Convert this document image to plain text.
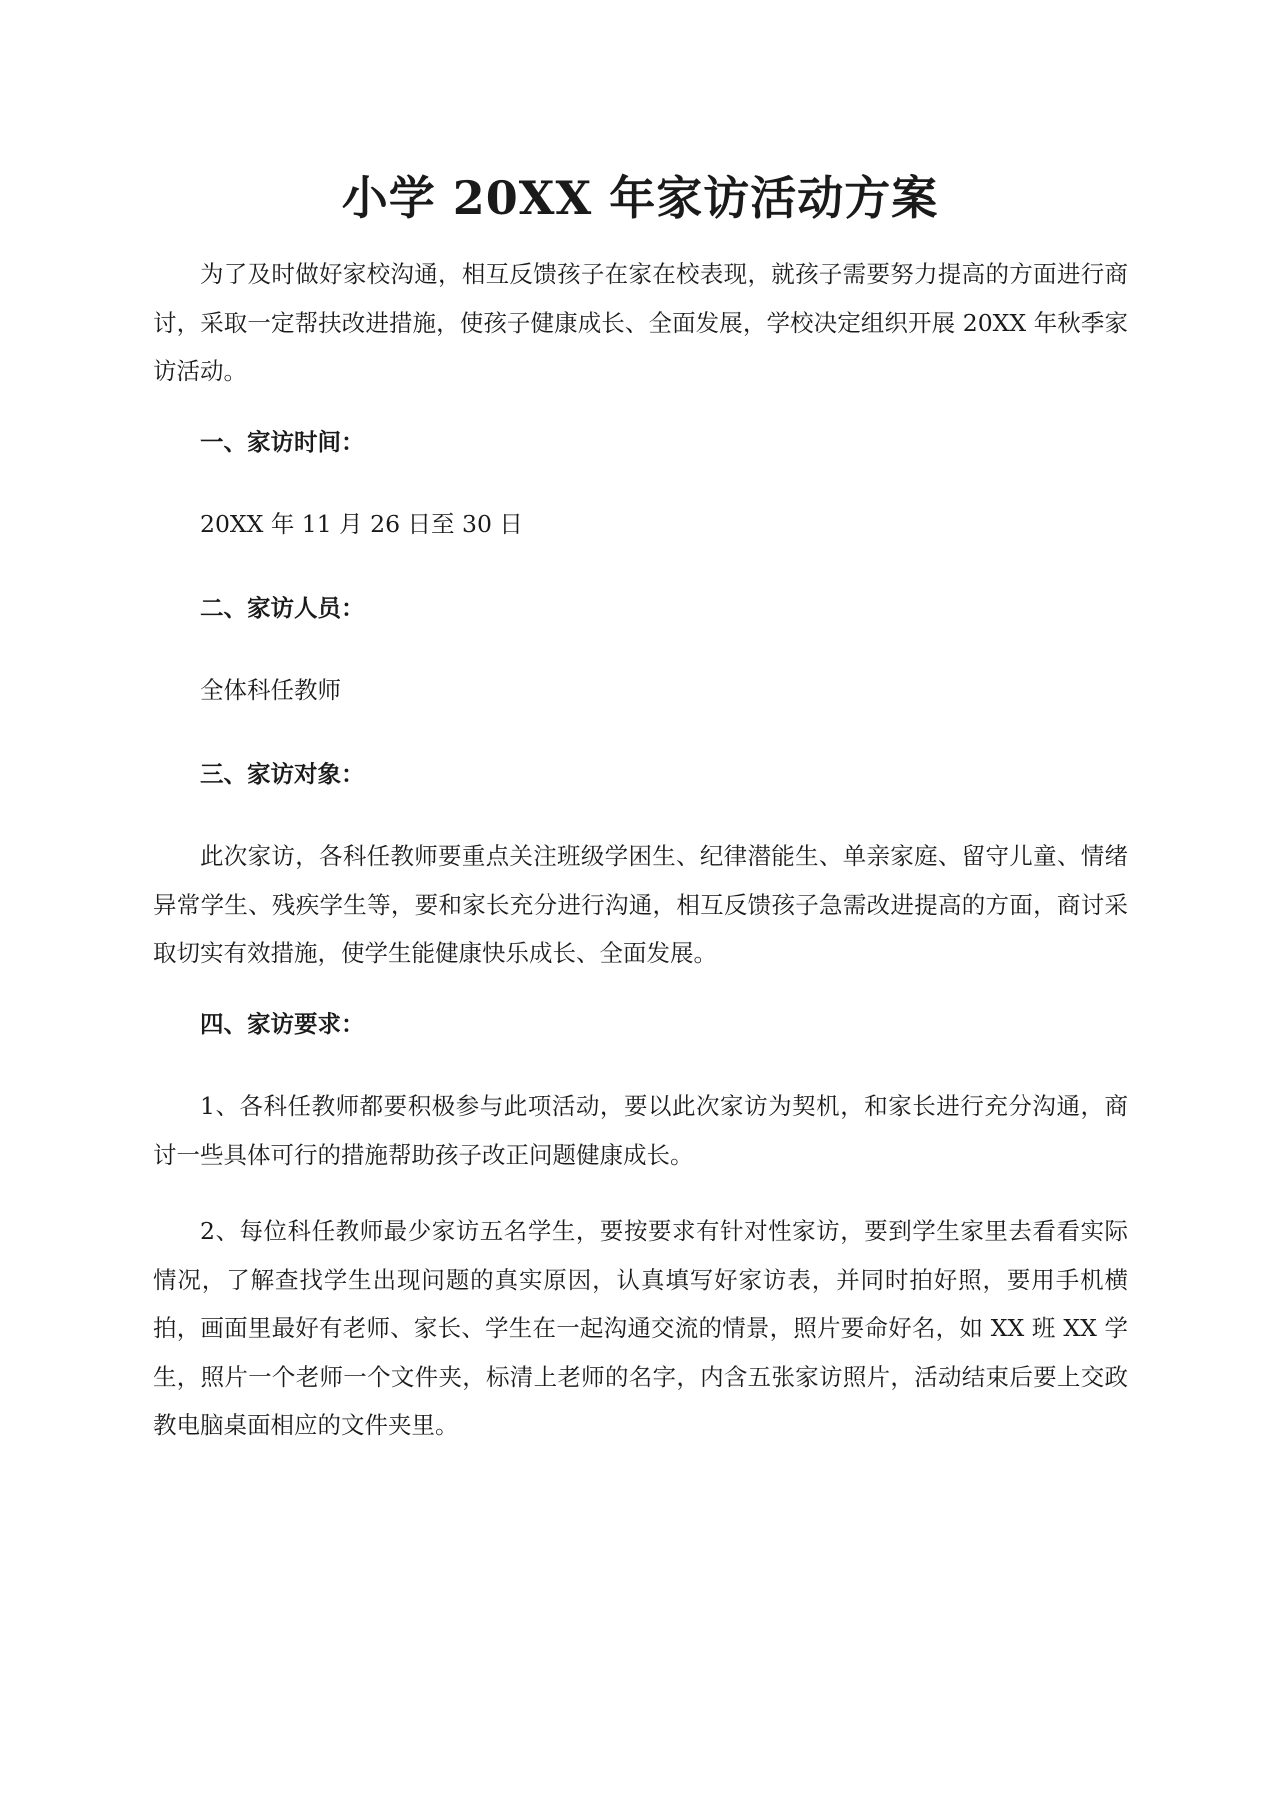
小学 20XX 年家访活动方案
为了及时做好家校沟通，相互反馈孩子在家在校表现，就孩子需要努力提高的方面进行商讨，采取一定帮扶改进措施，使孩子健康成长、全面发展，学校决定组织开展 20XX 年秋季家访活动。
一、家访时间：
20XX 年 11 月 26 日至 30 日
二、家访人员：
全体科任教师
三、家访对象：
此次家访，各科任教师要重点关注班级学困生、纪律潜能生、单亲家庭、留守儿童、情绪异常学生、残疾学生等，要和家长充分进行沟通，相互反馈孩子急需改进提高的方面，商讨采取切实有效措施，使学生能健康快乐成长、全面发展。
四、家访要求：
1、各科任教师都要积极参与此项活动，要以此次家访为契机，和家长进行充分沟通，商讨一些具体可行的措施帮助孩子改正问题健康成长。
2、每位科任教师最少家访五名学生，要按要求有针对性家访，要到学生家里去看看实际情况，了解查找学生出现问题的真实原因，认真填写好家访表，并同时拍好照，要用手机横拍，画面里最好有老师、家长、学生在一起沟通交流的情景，照片要命好名，如 XX 班 XX 学生，照片一个老师一个文件夹，标清上老师的名字，内含五张家访照片，活动结束后要上交政教电脑桌面相应的文件夹里。
